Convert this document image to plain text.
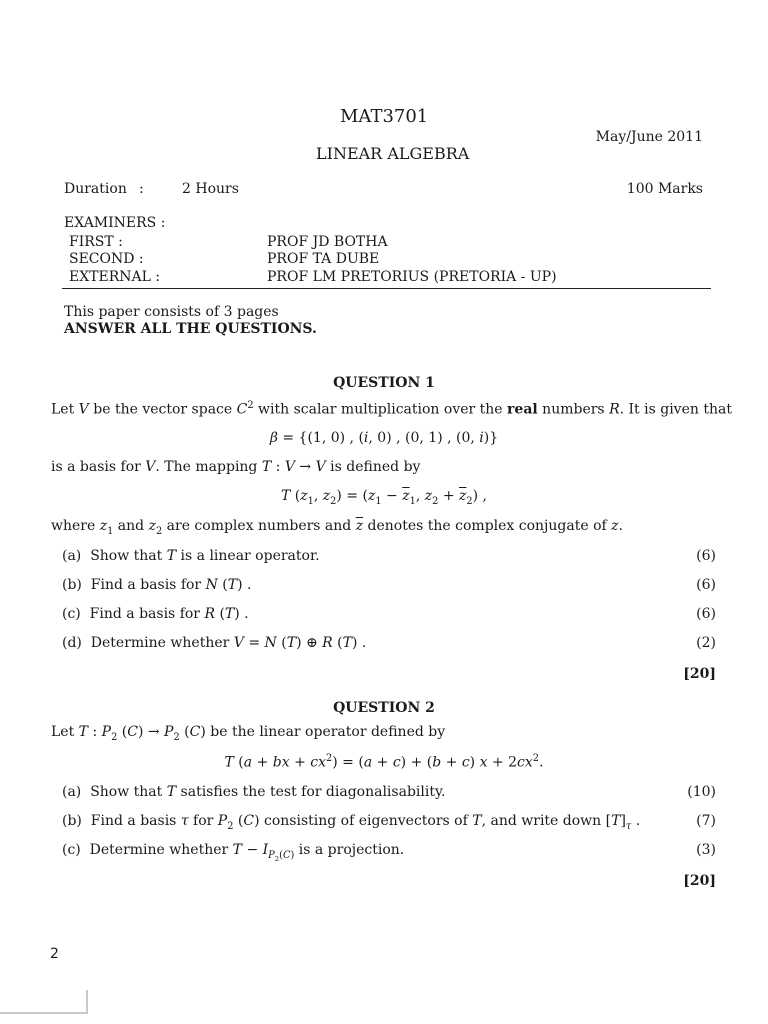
MAT3701
May/June 2011
LINEAR ALGEBRA
Duration :	2 Hours	100 Marks
EXAMINERS :
FIRST :	PROF JD BOTHA
SECOND :	PROF TA DUBE
EXTERNAL :	PROF LM PRETORIUS (PRETORIA - UP)
This paper consists of 3 pages
ANSWER ALL THE QUESTIONS.
QUESTION 1
Let V be the vector space $C^2$ with scalar multiplication over the real numbers R. It is given that
β = {(1, 0) , (i, 0) , (0, 1) , (0, i)}
is a basis for V. The mapping T : V → V is defined by
T ($z_1$, $z_2) = (z_1 - \overline{z}_1$, $z_2 + \overline{z}_2$) ,
where $z_1$ and $z_2$ are complex numbers and $\overline{z}$ denotes the complex conjugate of z.
(a) Show that T is a linear operator.	(6)
(b) Find a basis for N (T) .	(6)
(c) Find a basis for R (T) .	(6)
(d) Determine whether V = N (T) ⊕ R (T) .	(2)
[20]
QUESTION 2
Let T : $P_2$ $(C) \to P_2$ (C) be the linear operator defined by
T (a + bx + $cx^2) = (a + c) + (b + c)$ $x + 2cx^2$.
(a) Show that T satisfies the test for diagonalisability.	(10)
(b) Find a basis τ for $P_2$ (C) consisting of eigenvectors of T, and write down $[T]_\tau$ .	(7)
(c) Determine whether $T - I_{P_2(C)}$ is a projection.	(3)
[20]
2
